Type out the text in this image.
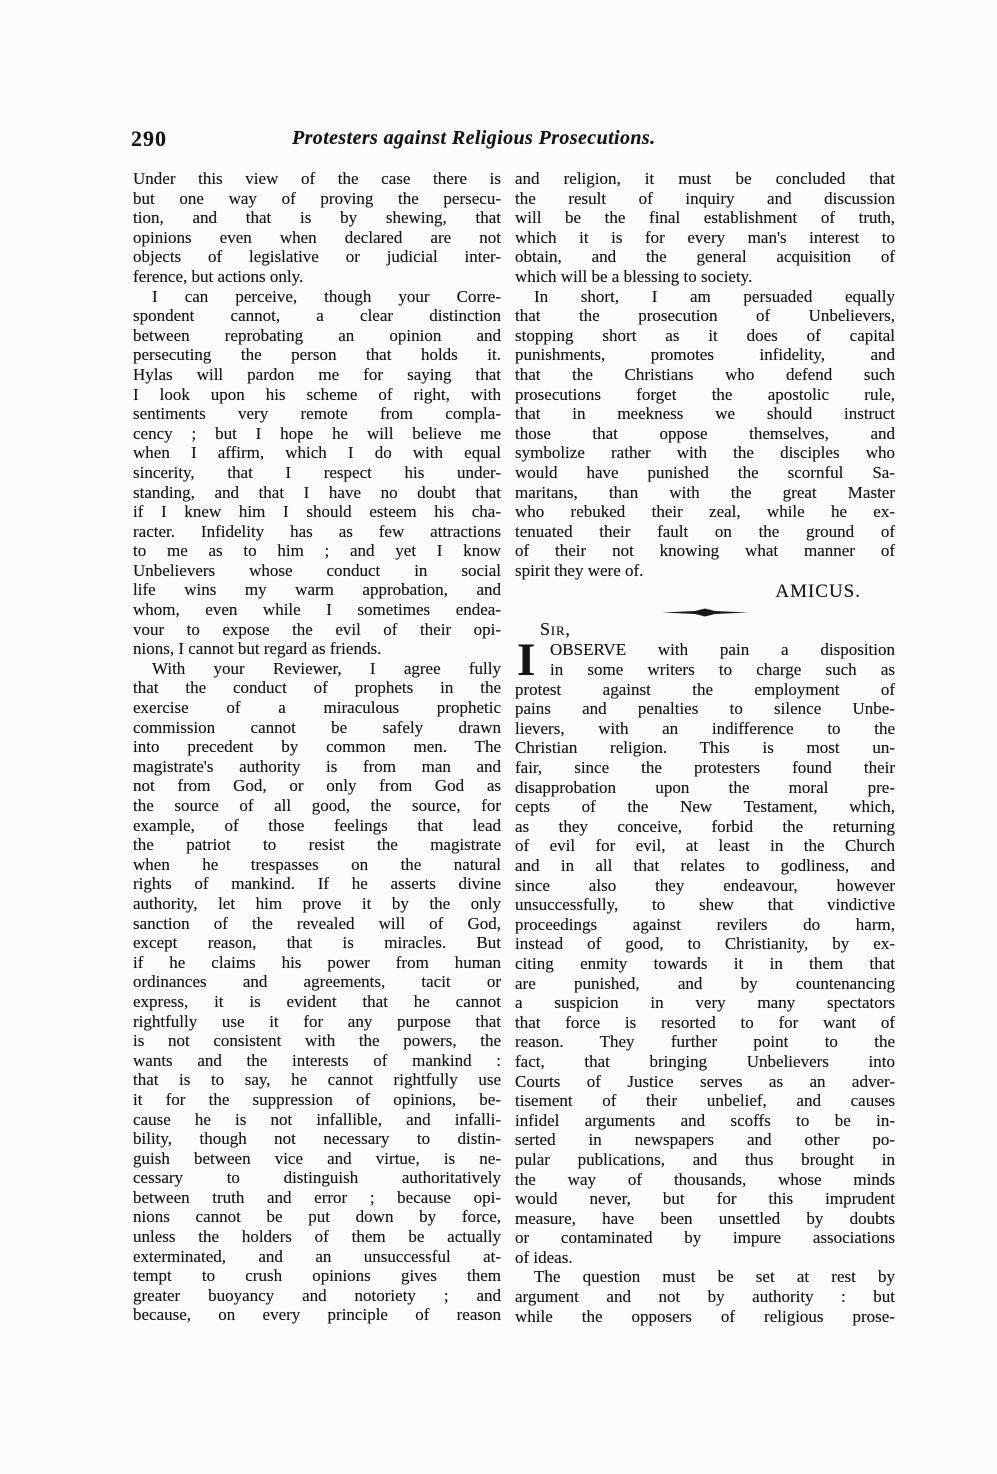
290	Protesters against Religious Prosecutions.
Under this view of the case there is
but one way of proving the persecu-
tion, and that is by shewing, that
opinions even when declared are not
objects of legislative or judicial inter-
ference, but actions only.
I can perceive, though your Corre-
spondent cannot, a clear distinction
between reprobating an opinion and
persecuting the person that holds it.
Hylas will pardon me for saying that
I look upon his scheme of right, with
sentiments very remote from compla-
cency ; but I hope he will believe me
when I affirm, which I do with equal
sincerity, that I respect his under-
standing, and that I have no doubt that
if I knew him I should esteem his cha-
racter. Infidelity has as few attractions
to me as to him ; and yet I know
Unbelievers whose conduct in social
life wins my warm approbation, and
whom, even while I sometimes endea-
vour to expose the evil of their opi-
nions, I cannot but regard as friends.
With your Reviewer, I agree fully
that the conduct of prophets in the
exercise of a miraculous prophetic
commission cannot be safely drawn
into precedent by common men. The
magistrate's authority is from man and
not from God, or only from God as
the source of all good, the source, for
example, of those feelings that lead
the patriot to resist the magistrate
when he trespasses on the natural
rights of mankind. If he asserts divine
authority, let him prove it by the only
sanction of the revealed will of God,
except reason, that is miracles. But
if he claims his power from human
ordinances and agreements, tacit or
express, it is evident that he cannot
rightfully use it for any purpose that
is not consistent with the powers, the
wants and the interests of mankind :
that is to say, he cannot rightfully use
it for the suppression of opinions, be-
cause he is not infallible, and infalli-
bility, though not necessary to distin-
guish between vice and virtue, is ne-
cessary to distinguish authoritatively
between truth and error ; because opi-
nions cannot be put down by force,
unless the holders of them be actually
exterminated, and an unsuccessful at-
tempt to crush opinions gives them
greater buoyancy and notoriety ; and
because, on every principle of reason
and religion, it must be concluded that
the result of inquiry and discussion
will be the final establishment of truth,
which it is for every man's interest to
obtain, and the general acquisition of
which will be a blessing to society.
In short, I am persuaded equally
that the prosecution of Unbelievers,
stopping short as it does of capital
punishments, promotes infidelity, and
that the Christians who defend such
prosecutions forget the apostolic rule,
that in meekness we should instruct
those that oppose themselves, and
symbolize rather with the disciples who
would have punished the scornful Sa-
maritans, than with the great Master
who rebuked their zeal, while he ex-
tenuated their fault on the ground of
of their not knowing what manner of
spirit they were of.
AMICUS.
Sir,
I OBSERVE with pain a disposition
in some writers to charge such as
protest against the employment of
pains and penalties to silence Unbe-
lievers, with an indifference to the
Christian religion. This is most un-
fair, since the protesters found their
disapprobation upon the moral pre-
cepts of the New Testament, which,
as they conceive, forbid the returning
of evil for evil, at least in the Church
and in all that relates to godliness, and
since also they endeavour, however
unsuccessfully, to shew that vindictive
proceedings against revilers do harm,
instead of good, to Christianity, by ex-
citing enmity towards it in them that
are punished, and by countenancing
a suspicion in very many spectators
that force is resorted to for want of
reason. They further point to the
fact, that bringing Unbelievers into
Courts of Justice serves as an adver-
tisement of their unbelief, and causes
infidel arguments and scoffs to be in-
serted in newspapers and other po-
pular publications, and thus brought in
the way of thousands, whose minds
would never, but for this imprudent
measure, have been unsettled by doubts
or contaminated by impure associations
of ideas.
The question must be set at rest by
argument and not by authority : but
while the opposers of religious prose-
